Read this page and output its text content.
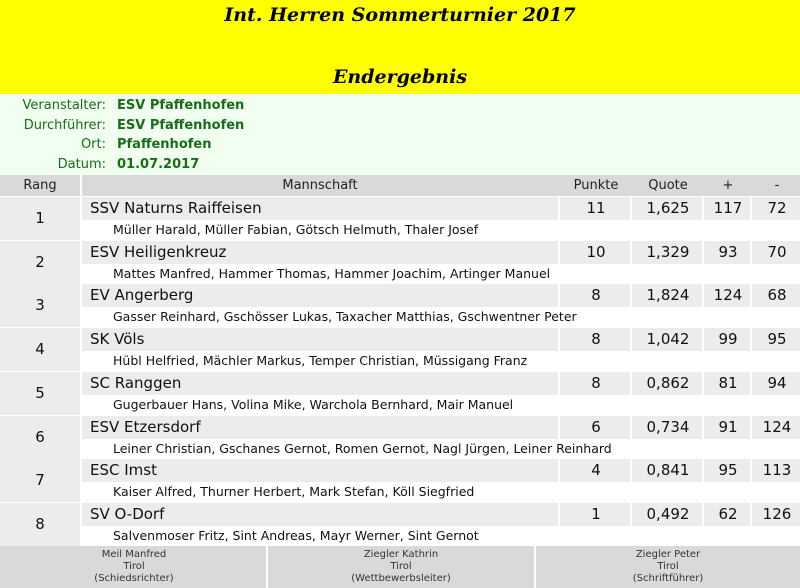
Int. Herren Sommerturnier 2017
Endergebnis
Veranstalter: ESV Pfaffenhofen
Durchführer: ESV Pfaffenhofen
Ort: Pfaffenhofen
Datum: 01.07.2017
Rang	Mannschaft	Punkte	Quote	+	-
1
SSV Naturns Raiffeisen	11	1,625	117	72
Müller Harald, Müller Fabian, Götsch Helmuth, Thaler Josef
2
ESV Heiligenkreuz	10	1,329	93	70
Mattes Manfred, Hammer Thomas, Hammer Joachim, Artinger Manuel
3
EV Angerberg	8	1,824	124	68
Gasser Reinhard, Gschösser Lukas, Taxacher Matthias, Gschwentner Peter
4
SK Völs	8	1,042	99	95
Hübl Helfried, Mächler Markus, Temper Christian, Müssigang Franz
5
SC Ranggen	8	0,862	81	94
Gugerbauer Hans, Volina Mike, Warchola Bernhard, Mair Manuel
6
ESV Etzersdorf	6	0,734	91	124
Leiner Christian, Gschanes Gernot, Romen Gernot, Nagl Jürgen, Leiner Reinhard
7
ESC Imst	4	0,841	95	113
Kaiser Alfred, Thurner Herbert, Mark Stefan, Köll Siegfried
8
SV O-Dorf	1	0,492	62	126
Salvenmoser Fritz, Sint Andreas, Mayr Werner, Sint Gernot
Meil Manfred
Tirol
(Schiedsrichter)
Ziegler Kathrin
Tirol
(Wettbewerbsleiter)
Ziegler Peter
Tirol
(Schriftführer)
